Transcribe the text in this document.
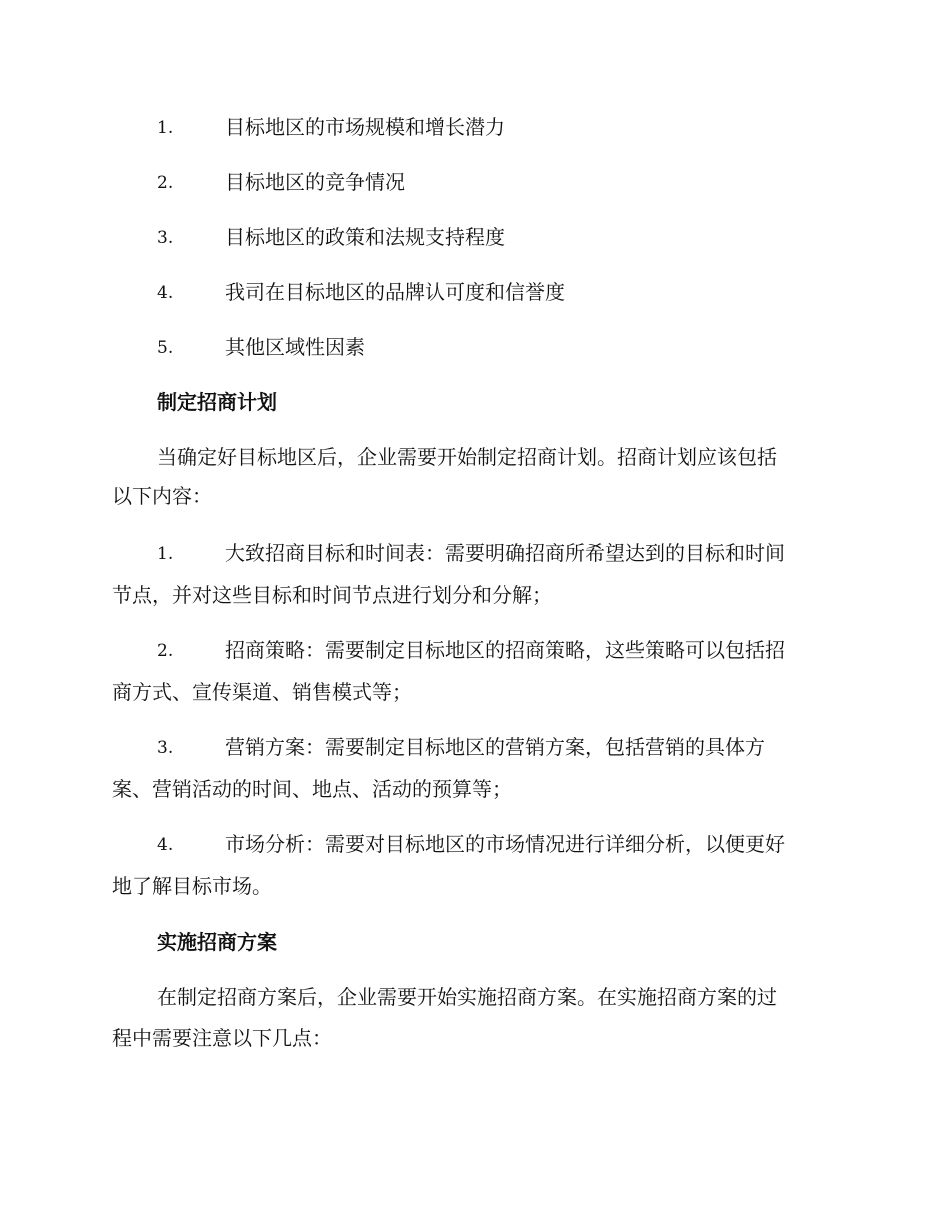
1.	目标地区的市场规模和增长潜力
2.	目标地区的竞争情况
3.	目标地区的政策和法规支持程度
4.	我司在目标地区的品牌认可度和信誉度
5.	其他区域性因素
制定招商计划
当确定好目标地区后，企业需要开始制定招商计划。招商计划应该包括
以下内容：
1.	大致招商目标和时间表：需要明确招商所希望达到的目标和时间
节点，并对这些目标和时间节点进行划分和分解；
2.	招商策略：需要制定目标地区的招商策略，这些策略可以包括招
商方式、宣传渠道、销售模式等；
3.	营销方案：需要制定目标地区的营销方案，包括营销的具体方
案、营销活动的时间、地点、活动的预算等；
4.	市场分析：需要对目标地区的市场情况进行详细分析，以便更好
地了解目标市场。
实施招商方案
在制定招商方案后，企业需要开始实施招商方案。在实施招商方案的过
程中需要注意以下几点：
